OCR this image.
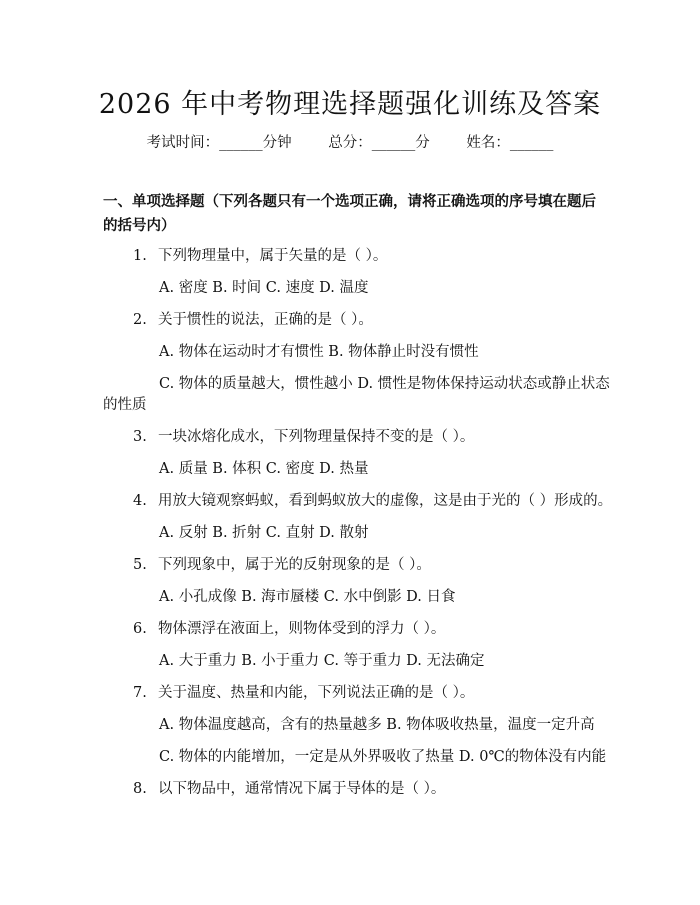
2026 年中考物理选择题强化训练及答案
考试时间：______分钟	总分：______分	姓名：______
一、单项选择题（下列各题只有一个选项正确，请将正确选项的序号填在题后的括号内）
1. 下列物理量中，属于矢量的是（ ）。
A. 密度 B. 时间 C. 速度 D. 温度
2. 关于惯性的说法，正确的是（ ）。
A. 物体在运动时才有惯性 B. 物体静止时没有惯性
C. 物体的质量越大，惯性越小 D. 惯性是物体保持运动状态或静止状态
的性质
3. 一块冰熔化成水，下列物理量保持不变的是（ ）。
A. 质量 B. 体积 C. 密度 D. 热量
4. 用放大镜观察蚂蚁，看到蚂蚁放大的虚像，这是由于光的（ ）形成的。
A. 反射 B. 折射 C. 直射 D. 散射
5. 下列现象中，属于光的反射现象的是（ ）。
A. 小孔成像 B. 海市蜃楼 C. 水中倒影 D. 日食
6. 物体漂浮在液面上，则物体受到的浮力（ ）。
A. 大于重力 B. 小于重力 C. 等于重力 D. 无法确定
7. 关于温度、热量和内能，下列说法正确的是（ ）。
A. 物体温度越高，含有的热量越多 B. 物体吸收热量，温度一定升高
C. 物体的内能增加，一定是从外界吸收了热量 D. 0℃的物体没有内能
8. 以下物品中，通常情况下属于导体的是（ ）。
